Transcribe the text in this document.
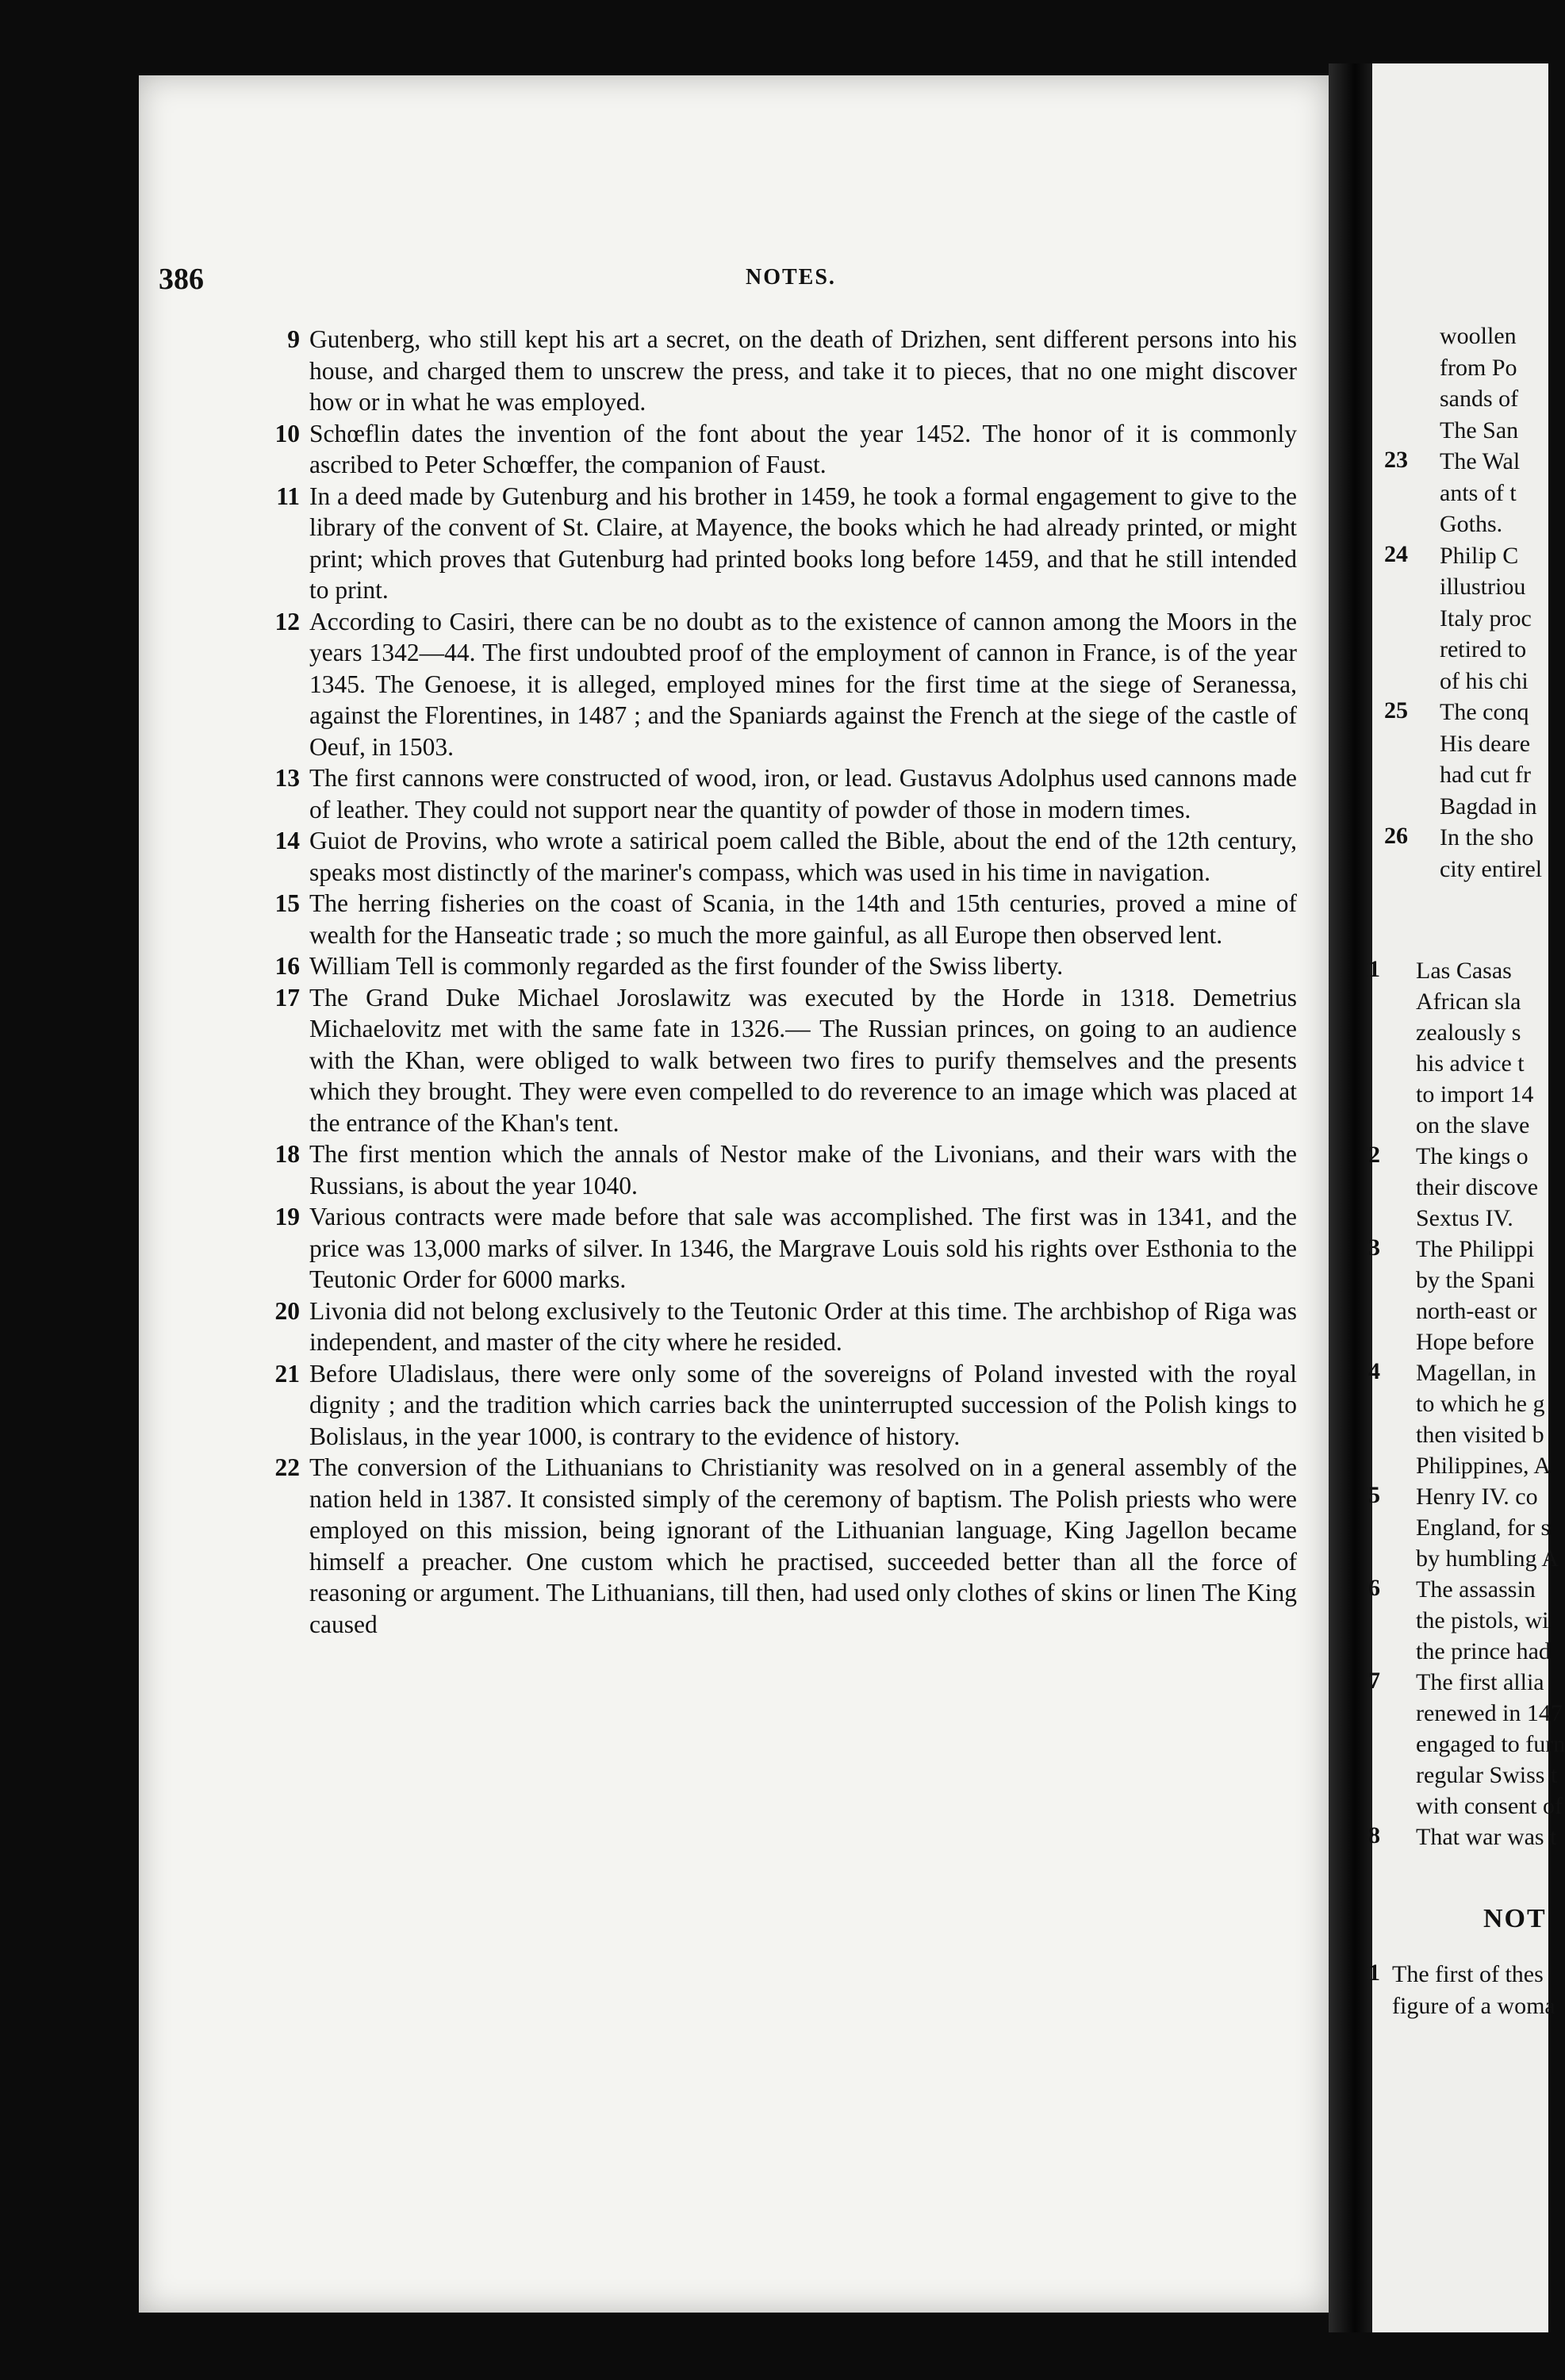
woollen
from Po
sands of
The San
23 The Wal
ants of t
Goths.
24 Philip C
illustriou
Italy proc
retired to
of his chi
25 The conq
His deare
had cut fr
Bagdad in
26 In the sho
city entirel
1 Las Casas
African sla
zealously s
his advice t
to import 14
on the slave
2 The kings o
their discove
Sextus IV.
3 The Philippi
by the Spani
north-east or
Hope before
4 Magellan, in
to which he g
then visited b
Philippines, A
5 Henry IV. co
England, for s
by humbling A
6 The assassin
the pistols, wi
the prince had
7 The first allia
renewed in 147
engaged to furn
regular Swiss t
with consent of
8 That war was t
NOT
1 The first of thes
figure of a woma
386	NOTES.
9 Gutenberg, who still kept his art a secret, on the death of Drizhen, sent different persons into his house, and charged them to unscrew the press, and take it to pieces, that no one might discover how or in what he was employed.
10 Schœflin dates the invention of the font about the year 1452. The honor of it is commonly ascribed to Peter Schœffer, the companion of Faust.
11 In a deed made by Gutenburg and his brother in 1459, he took a formal engagement to give to the library of the convent of St. Claire, at Mayence, the books which he had already printed, or might print; which proves that Gutenburg had printed books long before 1459, and that he still intended to print.
12 According to Casiri, there can be no doubt as to the existence of cannon among the Moors in the years 1342—44. The first undoubted proof of the employment of cannon in France, is of the year 1345. The Genoese, it is alleged, employed mines for the first time at the siege of Seranessa, against the Florentines, in 1487 ; and the Spaniards against the French at the siege of the castle of Oeuf, in 1503.
13 The first cannons were constructed of wood, iron, or lead. Gustavus Adolphus used cannons made of leather. They could not support near the quantity of powder of those in modern times.
14 Guiot de Provins, who wrote a satirical poem called the Bible, about the end of the 12th century, speaks most distinctly of the mariner's compass, which was used in his time in navigation.
15 The herring fisheries on the coast of Scania, in the 14th and 15th centuries, proved a mine of wealth for the Hanseatic trade ; so much the more gainful, as all Europe then observed lent.
16 William Tell is commonly regarded as the first founder of the Swiss liberty.
17 The Grand Duke Michael Joroslawitz was executed by the Horde in 1318. Demetrius Michaelovitz met with the same fate in 1326.— The Russian princes, on going to an audience with the Khan, were obliged to walk between two fires to purify themselves and the presents which they brought. They were even compelled to do reverence to an image which was placed at the entrance of the Khan's tent.
18 The first mention which the annals of Nestor make of the Livonians, and their wars with the Russians, is about the year 1040.
19 Various contracts were made before that sale was accomplished. The first was in 1341, and the price was 13,000 marks of silver. In 1346, the Margrave Louis sold his rights over Esthonia to the Teutonic Order for 6000 marks.
20 Livonia did not belong exclusively to the Teutonic Order at this time. The archbishop of Riga was independent, and master of the city where he resided.
21 Before Uladislaus, there were only some of the sovereigns of Poland invested with the royal dignity ; and the tradition which carries back the uninterrupted succession of the Polish kings to Bolislaus, in the year 1000, is contrary to the evidence of history.
22 The conversion of the Lithuanians to Christianity was resolved on in a general assembly of the nation held in 1387. It consisted simply of the ceremony of baptism. The Polish priests who were employed on this mission, being ignorant of the Lithuanian language, King Jagellon became himself a preacher. One custom which he practised, succeeded better than all the force of reasoning or argument. The Lithuanians, till then, had used only clothes of skins or linen The King caused
